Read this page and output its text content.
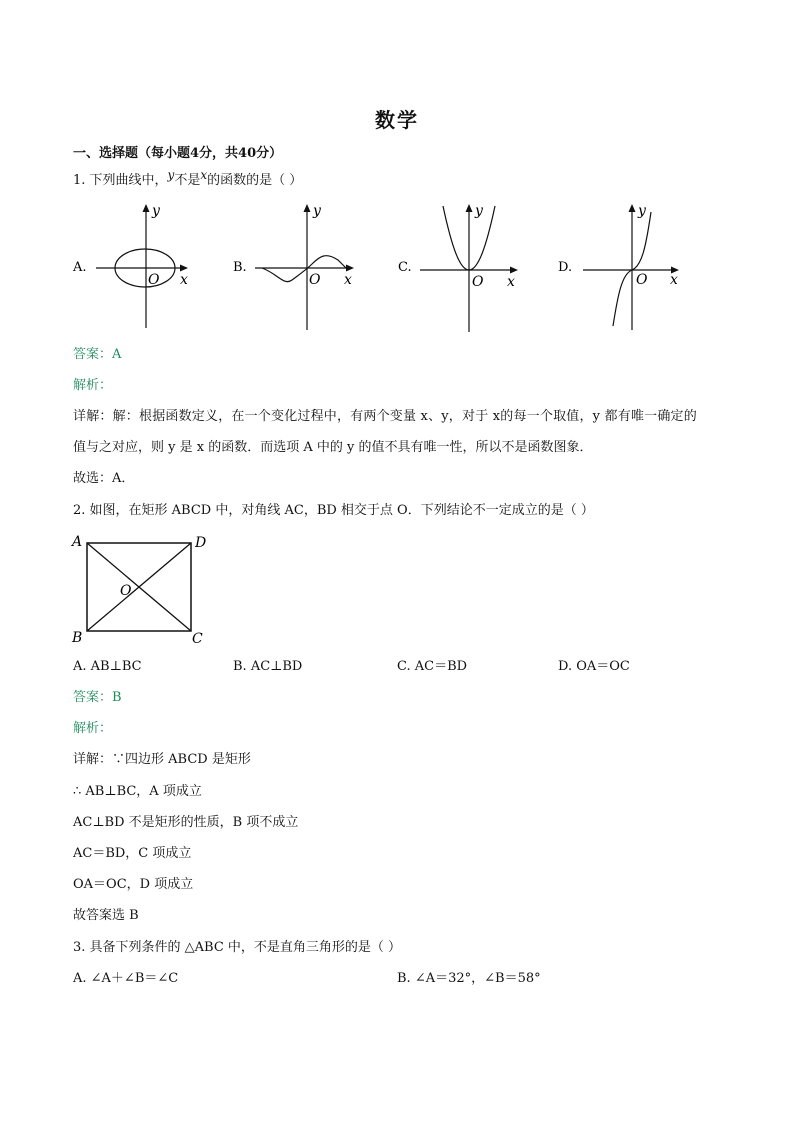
数学
一、选择题（每小题4分，共40分）
1. 下列曲线中，y不是x的函数的是（ ）
A.
y
x
O
B.
y
x
O
C.
y
x
O
D.
y
x
O
答案：A
解析：
详解：解：根据函数定义，在一个变化过程中，有两个变量 x、y，对于 x的每一个取值，y 都有唯一确定的
值与之对应，则 y 是 x 的函数．而选项 A 中的 y 的值不具有唯一性，所以不是函数图象．
故选：A．
2. 如图，在矩形 ABCD 中，对角线 AC，BD 相交于点 O．下列结论不一定成立的是（ ）
A	D
B	C
O
A. AB⊥BC	B. AC⊥BD	C. AC＝BD	D. OA＝OC
答案：B
解析：
详解：∵四边形 ABCD 是矩形
∴ AB⊥BC，A 项成立
AC⊥BD 不是矩形的性质，B 项不成立
AC＝BD，C 项成立
OA＝OC，D 项成立
故答案选 B
3. 具备下列条件的 △ABC 中，不是直角三角形的是（ ）
A. ∠A＋∠B＝∠C	B. ∠A＝32°，∠B＝58°
